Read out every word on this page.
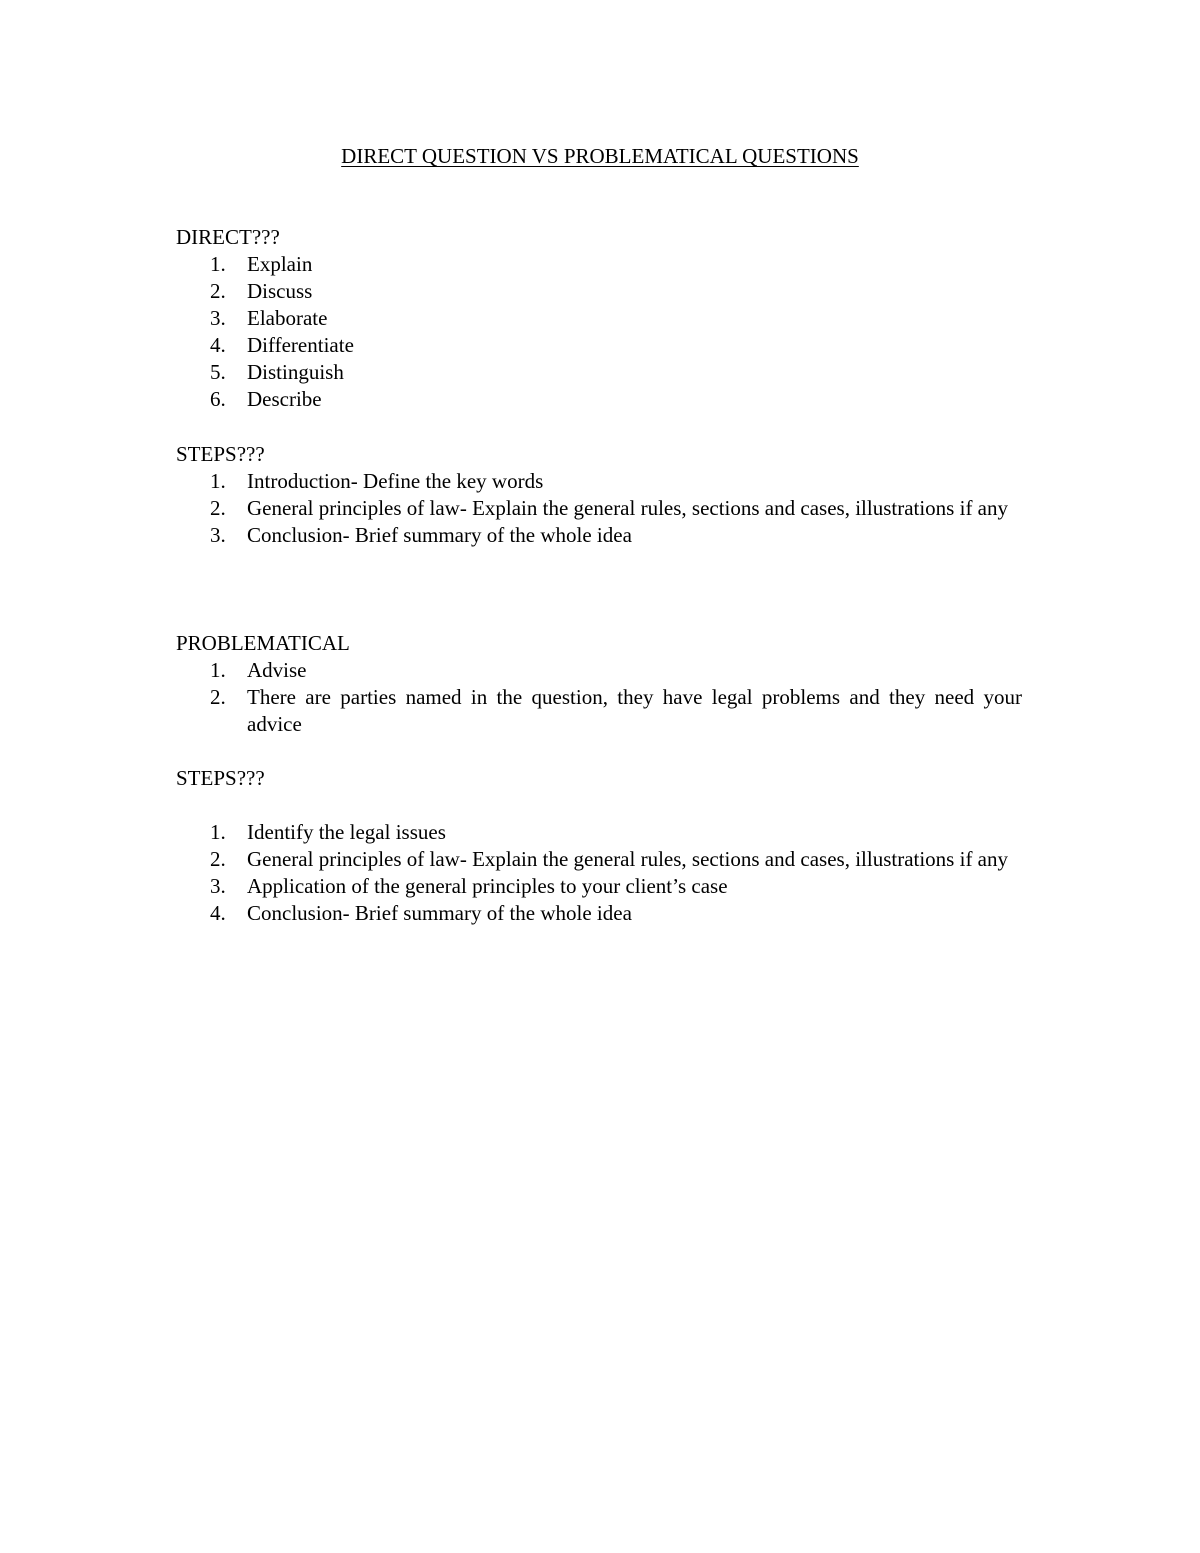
DIRECT QUESTION VS PROBLEMATICAL QUESTIONS
DIRECT???
1. Explain
2. Discuss
3. Elaborate
4. Differentiate
5. Distinguish
6. Describe
STEPS???
1. Introduction- Define the key words
2. General principles of law- Explain the general rules, sections and cases, illustrations if any
3. Conclusion- Brief summary of the whole idea
PROBLEMATICAL
1. Advise
2. There are parties named in the question, they have legal problems and they need your advice
STEPS???
1. Identify the legal issues
2. General principles of law- Explain the general rules, sections and cases, illustrations if any
3. Application of the general principles to your client’s case
4. Conclusion- Brief summary of the whole idea
